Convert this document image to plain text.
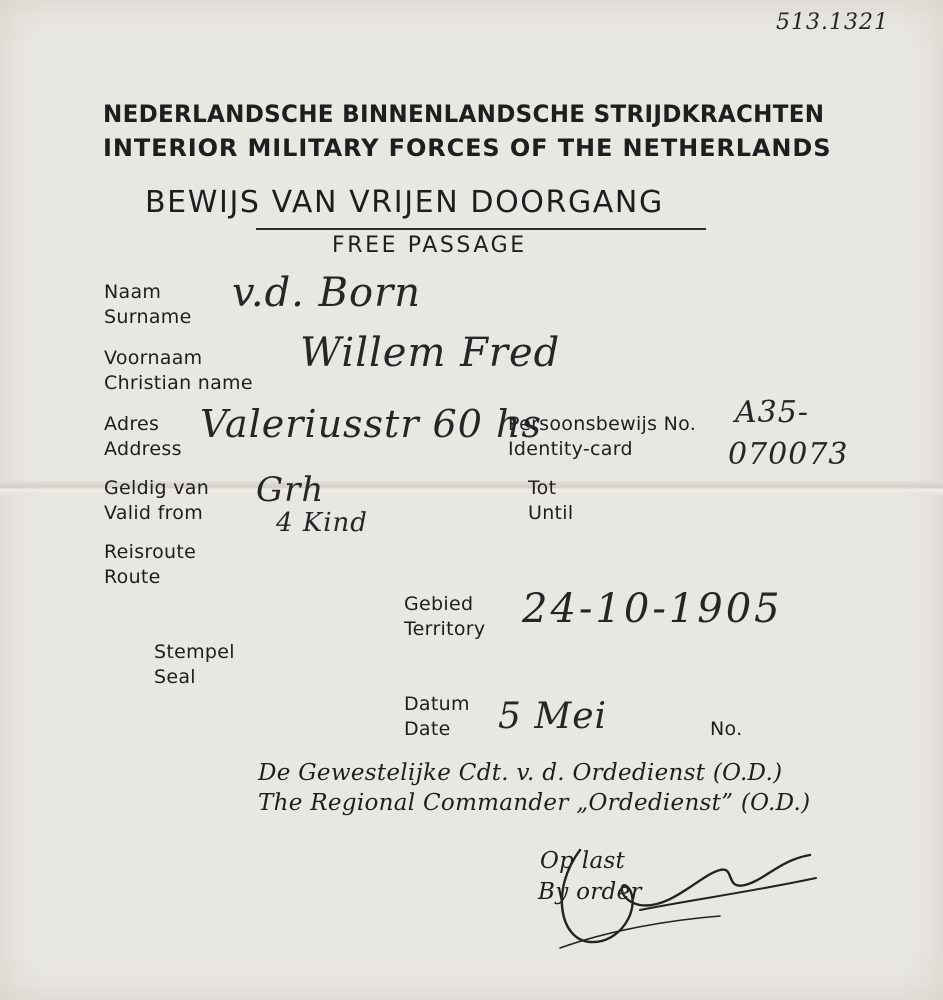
513.1321
NEDERLANDSCHE BINNENLANDSCHE STRIJDKRACHTEN
INTERIOR MILITARY FORCES OF THE NETHERLANDS
BEWIJS VAN VRIJEN DOORGANG
FREE PASSAGE
Naam
Surname
v.d. Born
Voornaam
Christian name
Willem Fred
Adres
Address
Valeriusstr 60 hs
Persoonsbewijs No.
Identity-card
A35-
070073
Geldig van
Valid from
Grh
4 Kind
Tot
Until
Reisroute
Route
Gebied
Territory 24-10-1905
Stempel
Seal
Datum
Date	5 Mei	No.
De Gewestelijke Cdt. v. d. Ordedienst (O.D.)
The Regional Commander „Ordedienst” (O.D.)
Op last
By order
